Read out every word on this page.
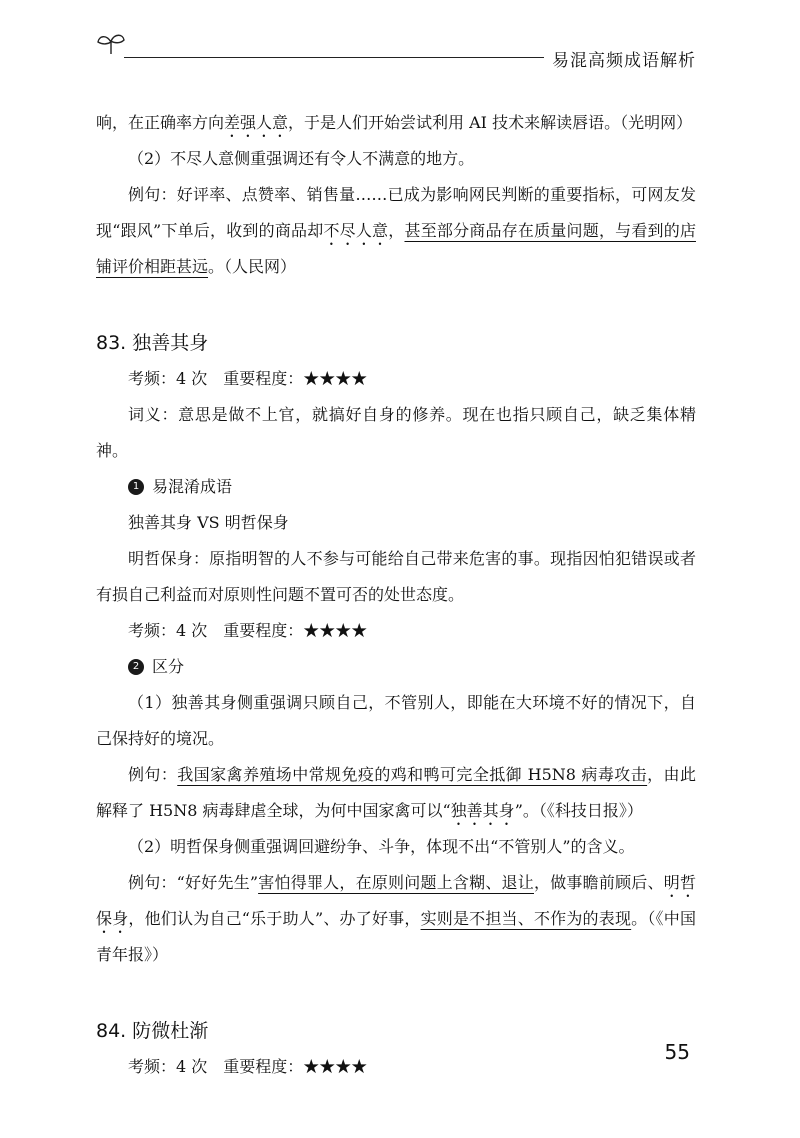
易混高频成语解析

响，在正确率方向差强人意，于是人们开始尝试利用 AI 技术来解读唇语。（光明网）

（2）不尽人意侧重强调还有令人不满意的地方。

例句：好评率、点赞率、销售量……已成为影响网民判断的重要指标，可网友发现“跟风”下单后，收到的商品却不尽人意，甚至部分商品存在质量问题，与看到的店铺评价相距甚远。（人民网）

83. 独善其身

考频：4 次　重要程度：★★★★

词义：意思是做不上官，就搞好自身的修养。现在也指只顾自己，缺乏集体精神。

1 易混淆成语

独善其身 VS 明哲保身

明哲保身：原指明智的人不参与可能给自己带来危害的事。现指因怕犯错误或者有损自己利益而对原则性问题不置可否的处世态度。

考频：4 次　重要程度：★★★★

2 区分

（1）独善其身侧重强调只顾自己，不管别人，即能在大环境不好的情况下，自己保持好的境况。

例句：我国家禽养殖场中常规免疫的鸡和鸭可完全抵御 H5N8 病毒攻击，由此解释了 H5N8 病毒肆虐全球，为何中国家禽可以“独善其身”。（《科技日报》）

（2）明哲保身侧重强调回避纷争、斗争，体现不出“不管别人”的含义。

例句：“好好先生”害怕得罪人，在原则问题上含糊、退让，做事瞻前顾后、明哲保身，他们认为自己“乐于助人”、办了好事，实则是不担当、不作为的表现。（《中国青年报》）

84. 防微杜渐

考频：4 次　重要程度：★★★★

55
